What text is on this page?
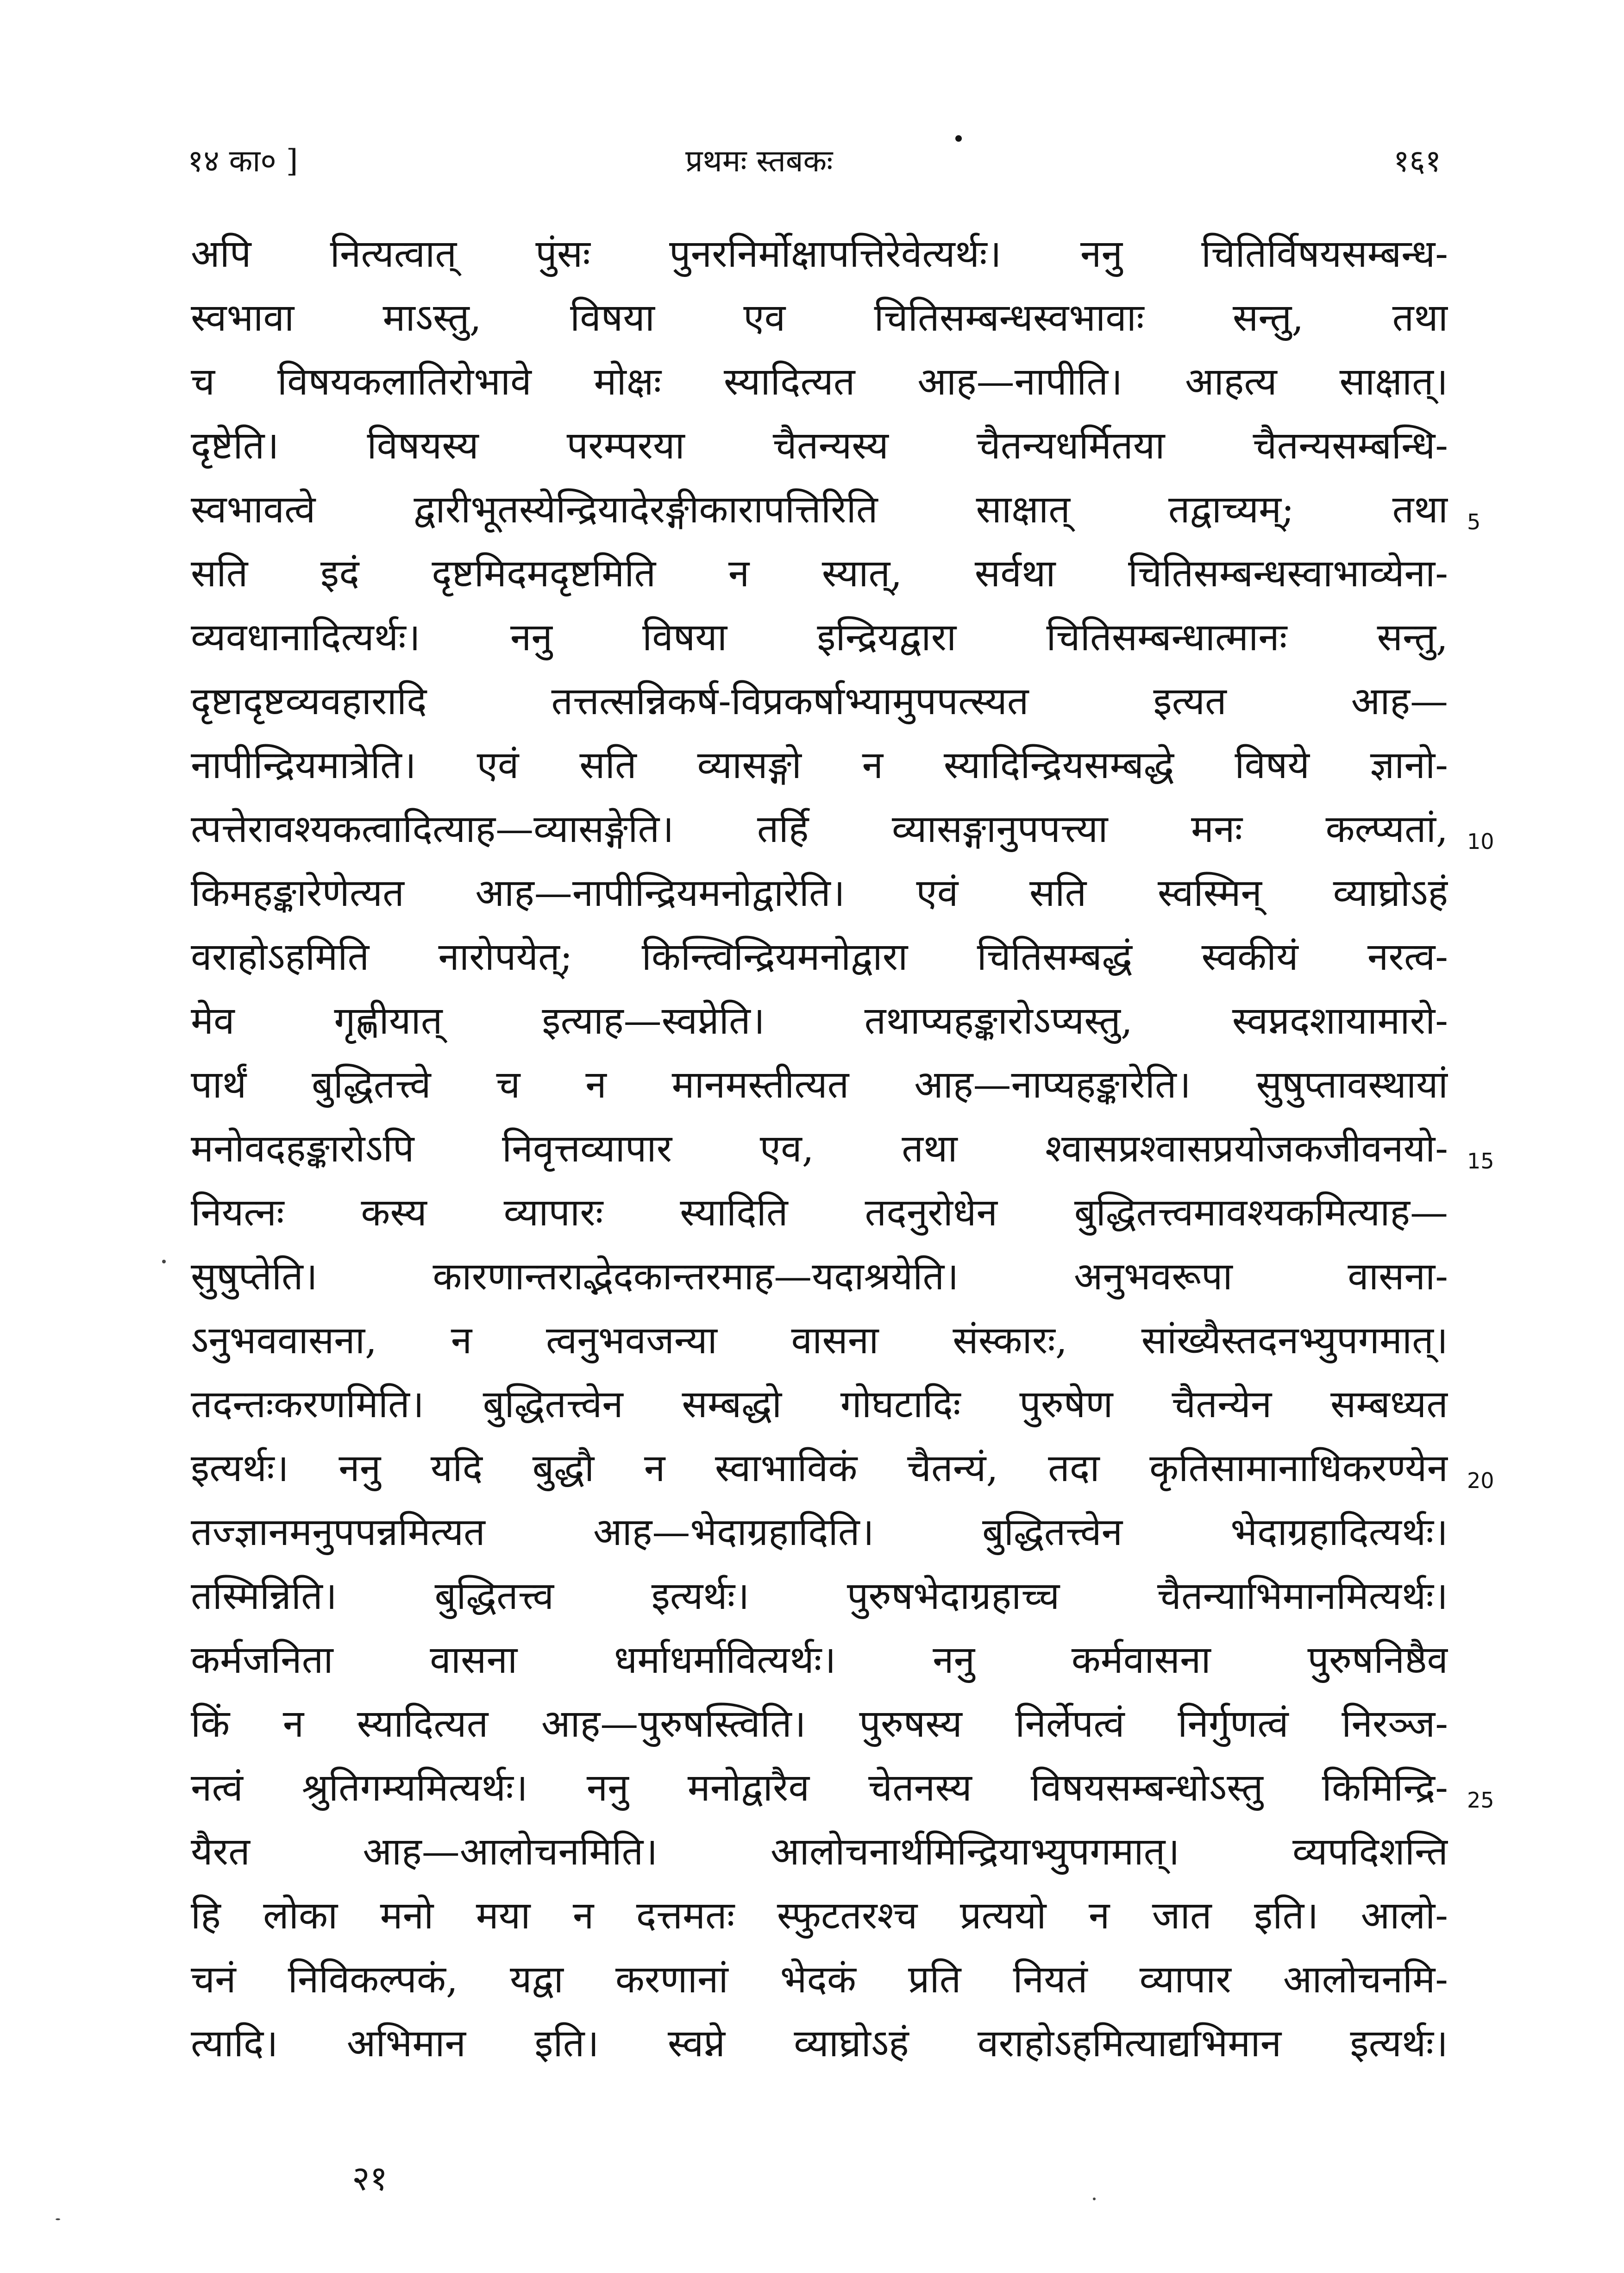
१४ का० ]	प्रथमः स्तबकः	१६१
अपि नित्यत्वात् पुंसः पुनरनिर्मोक्षापत्तिरेवेत्यर्थः। ननु चितिर्विषयसम्बन्ध-
स्वभावा माऽस्तु, विषया एव चितिसम्बन्धस्वभावाः सन्तु, तथा
च विषयकलातिरोभावे मोक्षः स्यादित्यत आह—नापीति। आहत्य साक्षात्।
दृष्टेति। विषयस्य परम्परया चैतन्यस्य चैतन्यधर्मितया चैतन्यसम्बन्धि-
स्वभावत्वे द्वारीभूतस्येन्द्रियादेरङ्गीकारापत्तिरिति साक्षात् तद्वाच्यम्; तथा
सति इदं दृष्टमिदमदृष्टमिति न स्यात्, सर्वथा चितिसम्बन्धस्वाभाव्येना-
व्यवधानादित्यर्थः। ननु विषया इन्द्रियद्वारा चितिसम्बन्धात्मानः सन्तु,
दृष्टादृष्टव्यवहारादि तत्तत्सन्निकर्ष-विप्रकर्षाभ्यामुपपत्स्यत इत्यत आह—
नापीन्द्रियमात्रेति। एवं सति व्यासङ्गो न स्यादिन्द्रियसम्बद्धे विषये ज्ञानो-
त्पत्तेरावश्यकत्वादित्याह—व्यासङ्गेति। तर्हि व्यासङ्गानुपपत्त्या मनः कल्प्यतां,
किमहङ्कारेणेत्यत आह—नापीन्द्रियमनोद्वारेति। एवं सति स्वस्मिन् व्याघ्रोऽहं
वराहोऽहमिति नारोपयेत्; किन्त्विन्द्रियमनोद्वारा चितिसम्बद्धं स्वकीयं नरत्व-
मेव गृह्णीयात् इत्याह—स्वप्नेति। तथाप्यहङ्कारोऽप्यस्तु, स्वप्नदशायामारो-
पार्थं बुद्धितत्त्वे च न मानमस्तीत्यत आह—नाप्यहङ्कारेति। सुषुप्तावस्थायां
मनोवदहङ्कारोऽपि निवृत्तव्यापार एव, तथा श्वासप्रश्वासप्रयोजकजीवनयो-
नियत्नः कस्य व्यापारः स्यादिति तदनुरोधेन बुद्धितत्त्वमावश्यकमित्याह—
सुषुप्तेति। कारणान्तराद्भेदकान्तरमाह—यदाश्रयेति। अनुभवरूपा वासना-
ऽनुभववासना, न त्वनुभवजन्या वासना संस्कारः, सांख्यैस्तदनभ्युपगमात्।
तदन्तःकरणमिति। बुद्धितत्त्वेन सम्बद्धो गोघटादिः पुरुषेण चैतन्येन सम्बध्यत
इत्यर्थः। ननु यदि बुद्धौ न स्वाभाविकं चैतन्यं, तदा कृतिसामानाधिकरण्येन
तज्ज्ञानमनुपपन्नमित्यत आह—भेदाग्रहादिति। बुद्धितत्त्वेन भेदाग्रहादित्यर्थः।
तस्मिन्निति। बुद्धितत्त्व इत्यर्थः। पुरुषभेदाग्रहाच्च चैतन्याभिमानमित्यर्थः।
कर्मजनिता वासना धर्माधर्मावित्यर्थः। ननु कर्मवासना पुरुषनिष्ठैव
किं न स्यादित्यत आह—पुरुषस्त्विति। पुरुषस्य निर्लेपत्वं निर्गुणत्वं निरञ्ज-
नत्वं श्रुतिगम्यमित्यर्थः। ननु मनोद्वारैव चेतनस्य विषयसम्बन्धोऽस्तु किमिन्द्रि-
यैरत आह—आलोचनमिति। आलोचनार्थमिन्द्रियाभ्युपगमात्। व्यपदिशन्ति
हि लोका मनो मया न दत्तमतः स्फुटतरश्च प्रत्ययो न जात इति। आलो-
चनं निविकल्पकं, यद्वा करणानां भेदकं प्रति नियतं व्यापार आलोचनमि-
त्यादि। अभिमान इति। स्वप्ने व्याघ्रोऽहं वराहोऽहमित्याद्यभिमान इत्यर्थः।
5
10
15
20
25
२१
